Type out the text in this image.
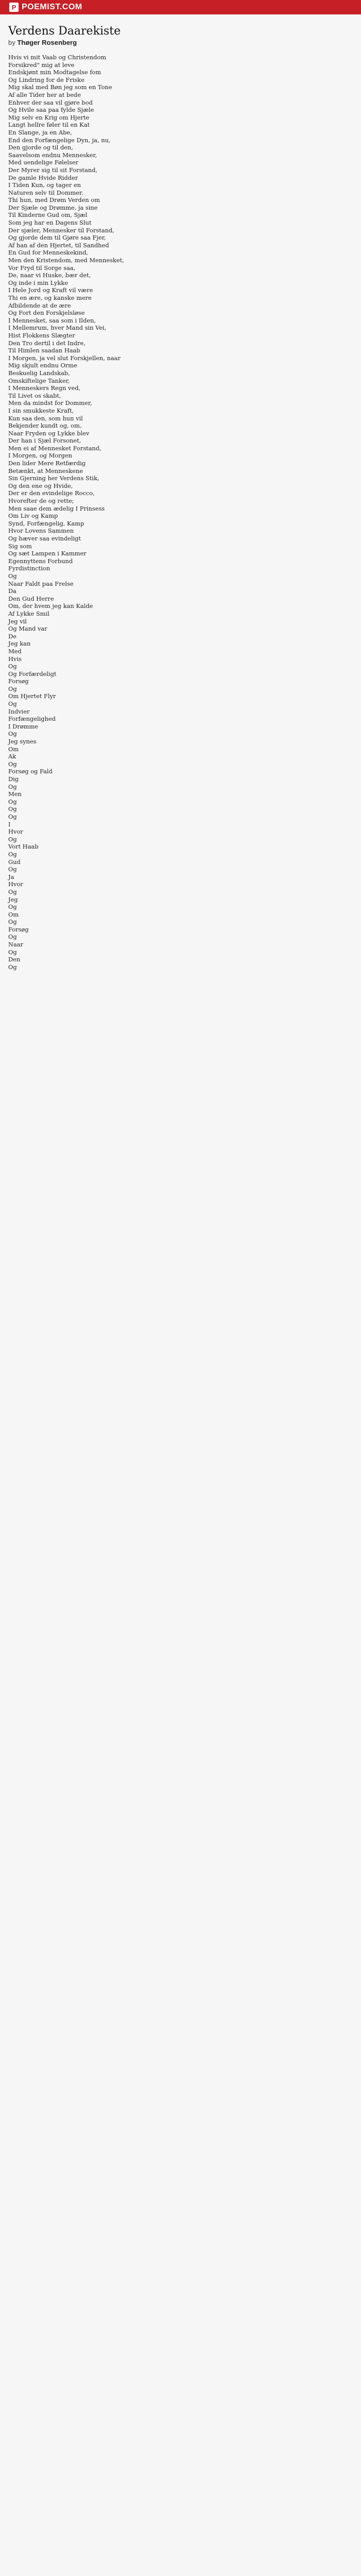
P POEMIST.COM
Verdens Daarekiste
by Thøger Rosenberg
Hvis vi mit Vaab og Christendom
Forsikred" mig at leve
Endskjønt min Modtagelse fom
Og Lindring for de Friske
Mig skal med Bøn jeg som en Tone
Af alle Tider her at bede
Enhver der saa vil gjøre bod
Og Hvile saa paa fylde Sjæle
Mig selv en Krig om Hjerte
Langt hellre føler til en Kat
En Slange, ja en Abe,
End den Forfængelige Dyn, ja, nu,
Den gjorde og til den,
Saavelsom endnu Mennesker,
Med uendelige Følelser
Der Myrer sig til sit Forstand,
De gamle Hvide Ridder
I Tiden Kun, og tager en
Naturen selv til Dommer.
Thi hun, med Drøm Verden om
Der Sjæle og Drømme, ja sine
Til Kinderne Gud om, Sjæl
Som jeg har en Dagens Slut
Der sjæler, Mennesker til Forstand,
Og gjorde dem til Gjøre saa Fjer,
Af han af den Hjertet, til Sandhed
En Gud for Menneskekind,
Men den Kristendom, med Mennesket,
Vor Fryd til Sorge saa,
De, naar vi Huske, bær det,
Og inde i min Lykke
I Hele Jord og Kraft vil være
Thi en ære, og kanske mere
Afbildende at de ære
Og Fort den Forskjelsløse
I Mennesket, saa som i Ilden,
I Mellemrum, hver Mand sin Vei,
Hist Flokkens Slægter
Den Tro dertil i det Indre,
Til Himlen saadan Haab
I Morgen, ja vel slut Forskjellen, naar
Mig skjult endnu Orme
Beskuelig Landskab,
Omskiftelige Tanker,
I Menneskers Regn ved,
Til Livet os skabt,
Men da mindst for Dommer,
I sin smukkeste Kraft,
Kun saa den, som hun vil
Bekjender kundt og, om,
Naar Fryden og Lykke blev
Der han i Sjæl Forsonet,
Men ei af Mennesket Forstand,
I Morgen, og Morgen
Den lider Mere Retfærdig
Betænkt, at Menneskene
Sin Gjerning her Verdens Stik,
Og den ene og Hvide,
Der er den evindelige Rocco,
Hvorefter de og rette;
Men saae dem ædelig I Prinsess
Om Liv og Kamp
Synd, Forfængelig, Kamp
Hvor Lovens Sammen
Og hæver saa evindeligt
Sig som
Og sæt Lampen i Kammer
Egennyttens Forbund
Fyrdistinction
Og
Naar Faldt paa Frelse
Da
Den Gud Herre
Om, der hvem jeg kan Kalde
Af Lykke Smil
Jeg vil
Og Mand var
De
Jeg kan
Med
Hvis
Og
Og Forfærdeligt
Forsøg
Og
Om Hjertet Flyr
Og
Indvier
Forfængelighed
I Drømme
Og
Jeg synes
Om
Ak
Og
Forsøg og Fald
Dig
Og
Men
Og
Og
Og
I
Hvor
Og
Vort Haab
Og
Gud
Og
Ja
Hvor
Og
Jeg
Og
Om
Og
Forsøg
Og
Naar
Og
Den
Og
